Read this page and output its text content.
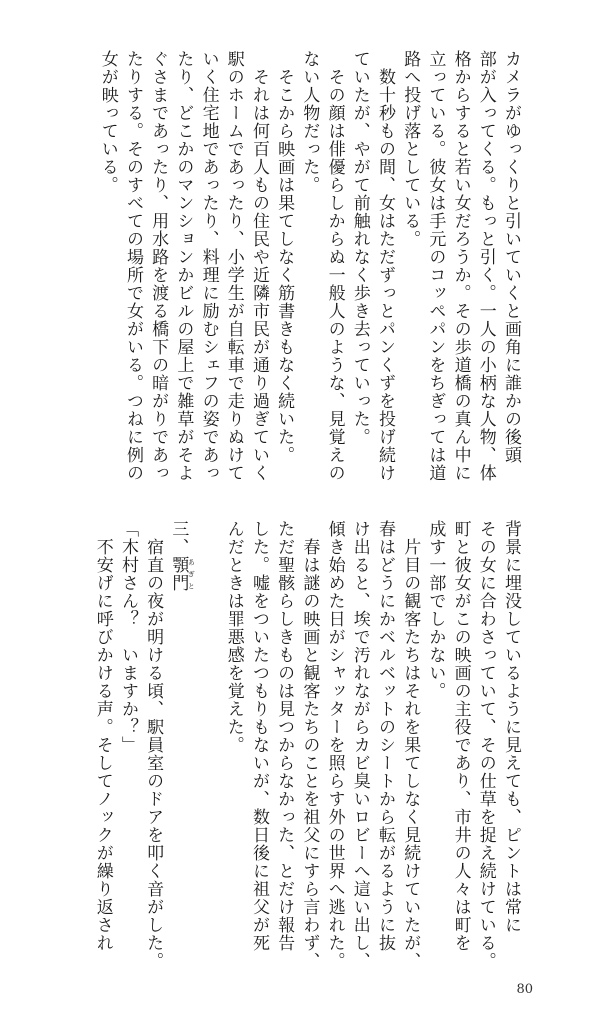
カメラがゆっくりと引いていくと画角に誰かの後頭
部が入ってくる。もっと引く。一人の小柄な人物、体
格からすると若い女だろうか。その歩道橋の真ん中に
立っている。彼女は手元のコッペパンをちぎっては道
路へ投げ落としている。
　数十秒もの間、女はただずっとパンくずを投げ続け
ていたが、やがて前触れなく歩き去っていった。
　その顔は俳優らしからぬ一般人のような、見覚えの
ない人物だった。
　そこから映画は果てしなく筋書きもなく続いた。
　それは何百人もの住民や近隣市民が通り過ぎていく
駅のホームであったり、小学生が自転車で走りぬけて
いく住宅地であったり、料理に励むシェフの姿であっ
たり、どこかのマンションかビルの屋上で雑草がそよ
ぐさまであったり、用水路を渡る橋下の暗がりであっ
たりする。そのすべての場所で女がいる。つねに例の
女が映っている。
背景に埋没しているように見えても、ピントは常に
その女に合わさっていて、その仕草を捉え続けている。
町と彼女がこの映画の主役であり、市井の人々は町を
成す一部でしかない。
　片目の観客たちはそれを果てしなく見続けていたが、
春はどうにかベルベットのシートから転がるように抜
け出ると、埃で汚れながらカビ臭いロビーへ這い出し、
傾き始めた日がシャッターを照らす外の世界へ逃れた。
　春は謎の映画と観客たちのことを祖父にすら言わず、
ただ聖骸らしきものは見つからなかった、とだけ報告
した。嘘をついたつもりもないが、数日後に祖父が死
んだときは罪悪感を覚えた。

三、顎門 あぎと
　宿直の夜が明ける頃、駅員室のドアを叩く音がした。
「木村さん？　いますか？」
　不安げに呼びかける声。そしてノックが繰り返され
80
